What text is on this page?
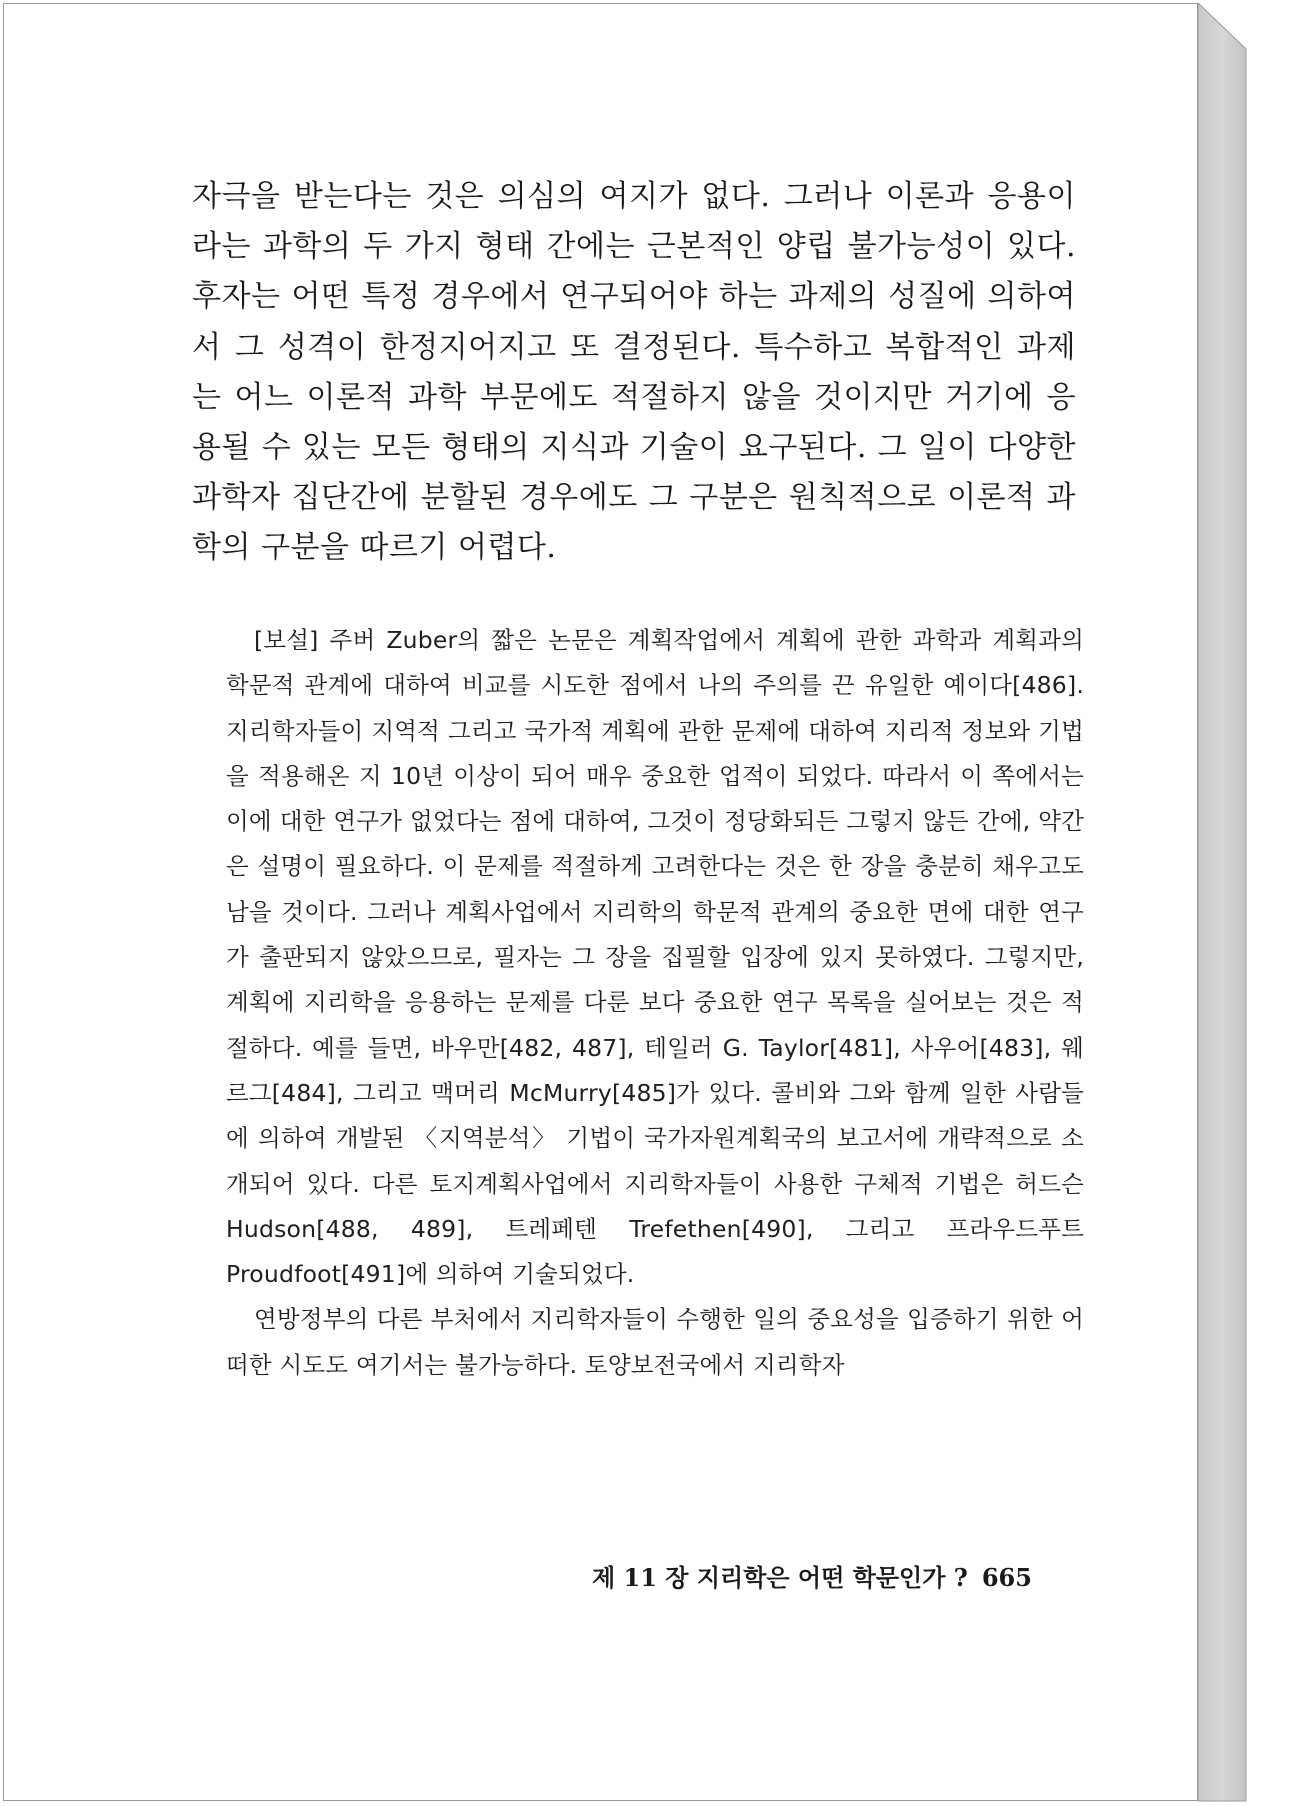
자극을 받는다는 것은 의심의 여지가 없다. 그러나 이론과 응용이라는 과학의 두 가지 형태 간에는 근본적인 양립 불가능성이 있다. 후자는 어떤 특정 경우에서 연구되어야 하는 과제의 성질에 의하여서 그 성격이 한정지어지고 또 결정된다. 특수하고 복합적인 과제는 어느 이론적 과학 부문에도 적절하지 않을 것이지만 거기에 응용될 수 있는 모든 형태의 지식과 기술이 요구된다. 그 일이 다양한 과학자 집단간에 분할된 경우에도 그 구분은 원칙적으로 이론적 과학의 구분을 따르기 어렵다.

[보설] 주버 Zuber의 짧은 논문은 계획작업에서 계획에 관한 과학과 계획과의 학문적 관계에 대하여 비교를 시도한 점에서 나의 주의를 끈 유일한 예이다[486]. 지리학자들이 지역적 그리고 국가적 계획에 관한 문제에 대하여 지리적 정보와 기법을 적용해온 지 10년 이상이 되어 매우 중요한 업적이 되었다. 따라서 이 쪽에서는 이에 대한 연구가 없었다는 점에 대하여, 그것이 정당화되든 그렇지 않든 간에, 약간은 설명이 필요하다. 이 문제를 적절하게 고려한다는 것은 한 장을 충분히 채우고도 남을 것이다. 그러나 계획사업에서 지리학의 학문적 관계의 중요한 면에 대한 연구가 출판되지 않았으므로, 필자는 그 장을 집필할 입장에 있지 못하였다. 그렇지만, 계획에 지리학을 응용하는 문제를 다룬 보다 중요한 연구 목록을 실어보는 것은 적절하다. 예를 들면, 바우만[482, 487], 테일러 G. Taylor[481], 사우어[483], 웨르그[484], 그리고 맥머리 McMurry[485]가 있다. 콜비와 그와 함께 일한 사람들에 의하여 개발된 〈지역분석〉 기법이 국가자원계획국의 보고서에 개략적으로 소개되어 있다. 다른 토지계획사업에서 지리학자들이 사용한 구체적 기법은 허드슨 Hudson[488, 489], 트레페텐 Trefethen[490], 그리고 프라우드푸트 Proudfoot[491]에 의하여 기술되었다.

연방정부의 다른 부처에서 지리학자들이 수행한 일의 중요성을 입증하기 위한 어떠한 시도도 여기서는 불가능하다. 토양보전국에서 지리학자

제 11 장 지리학은 어떤 학문인가 ? 665
